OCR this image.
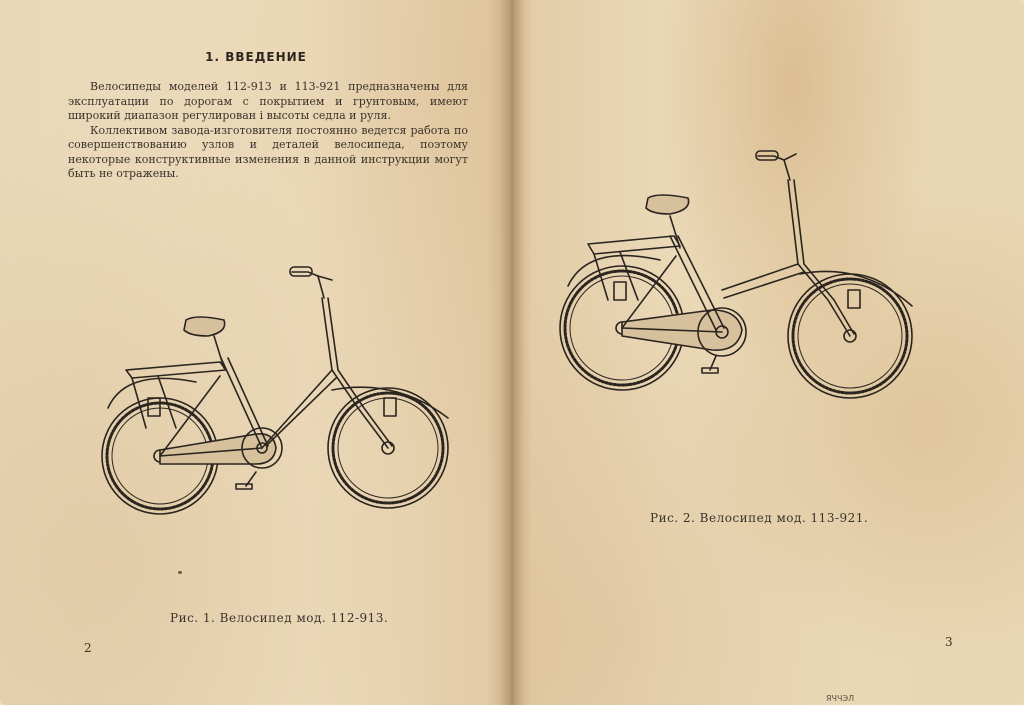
1. ВВЕДЕНИЕ

Велосипеды моделей 112-913 и 113-921 предназначены для эксплуатации по дорогам с покрытием и грунтовым, имеют широкий диапазон регулирован і высоты седла и руля.

Коллективом завода-изготовителя постоянно ведется работа по совершенствованию узлов и деталей велосипеда, поэтому некоторые конструктивные изменения в данной инструкции могут быть не отражены.

Рис. 1. Велосипед мод. 112-913.
2
Рис. 2. Велосипед мод. 113-921.
3
ЯЧЧЭЛ
